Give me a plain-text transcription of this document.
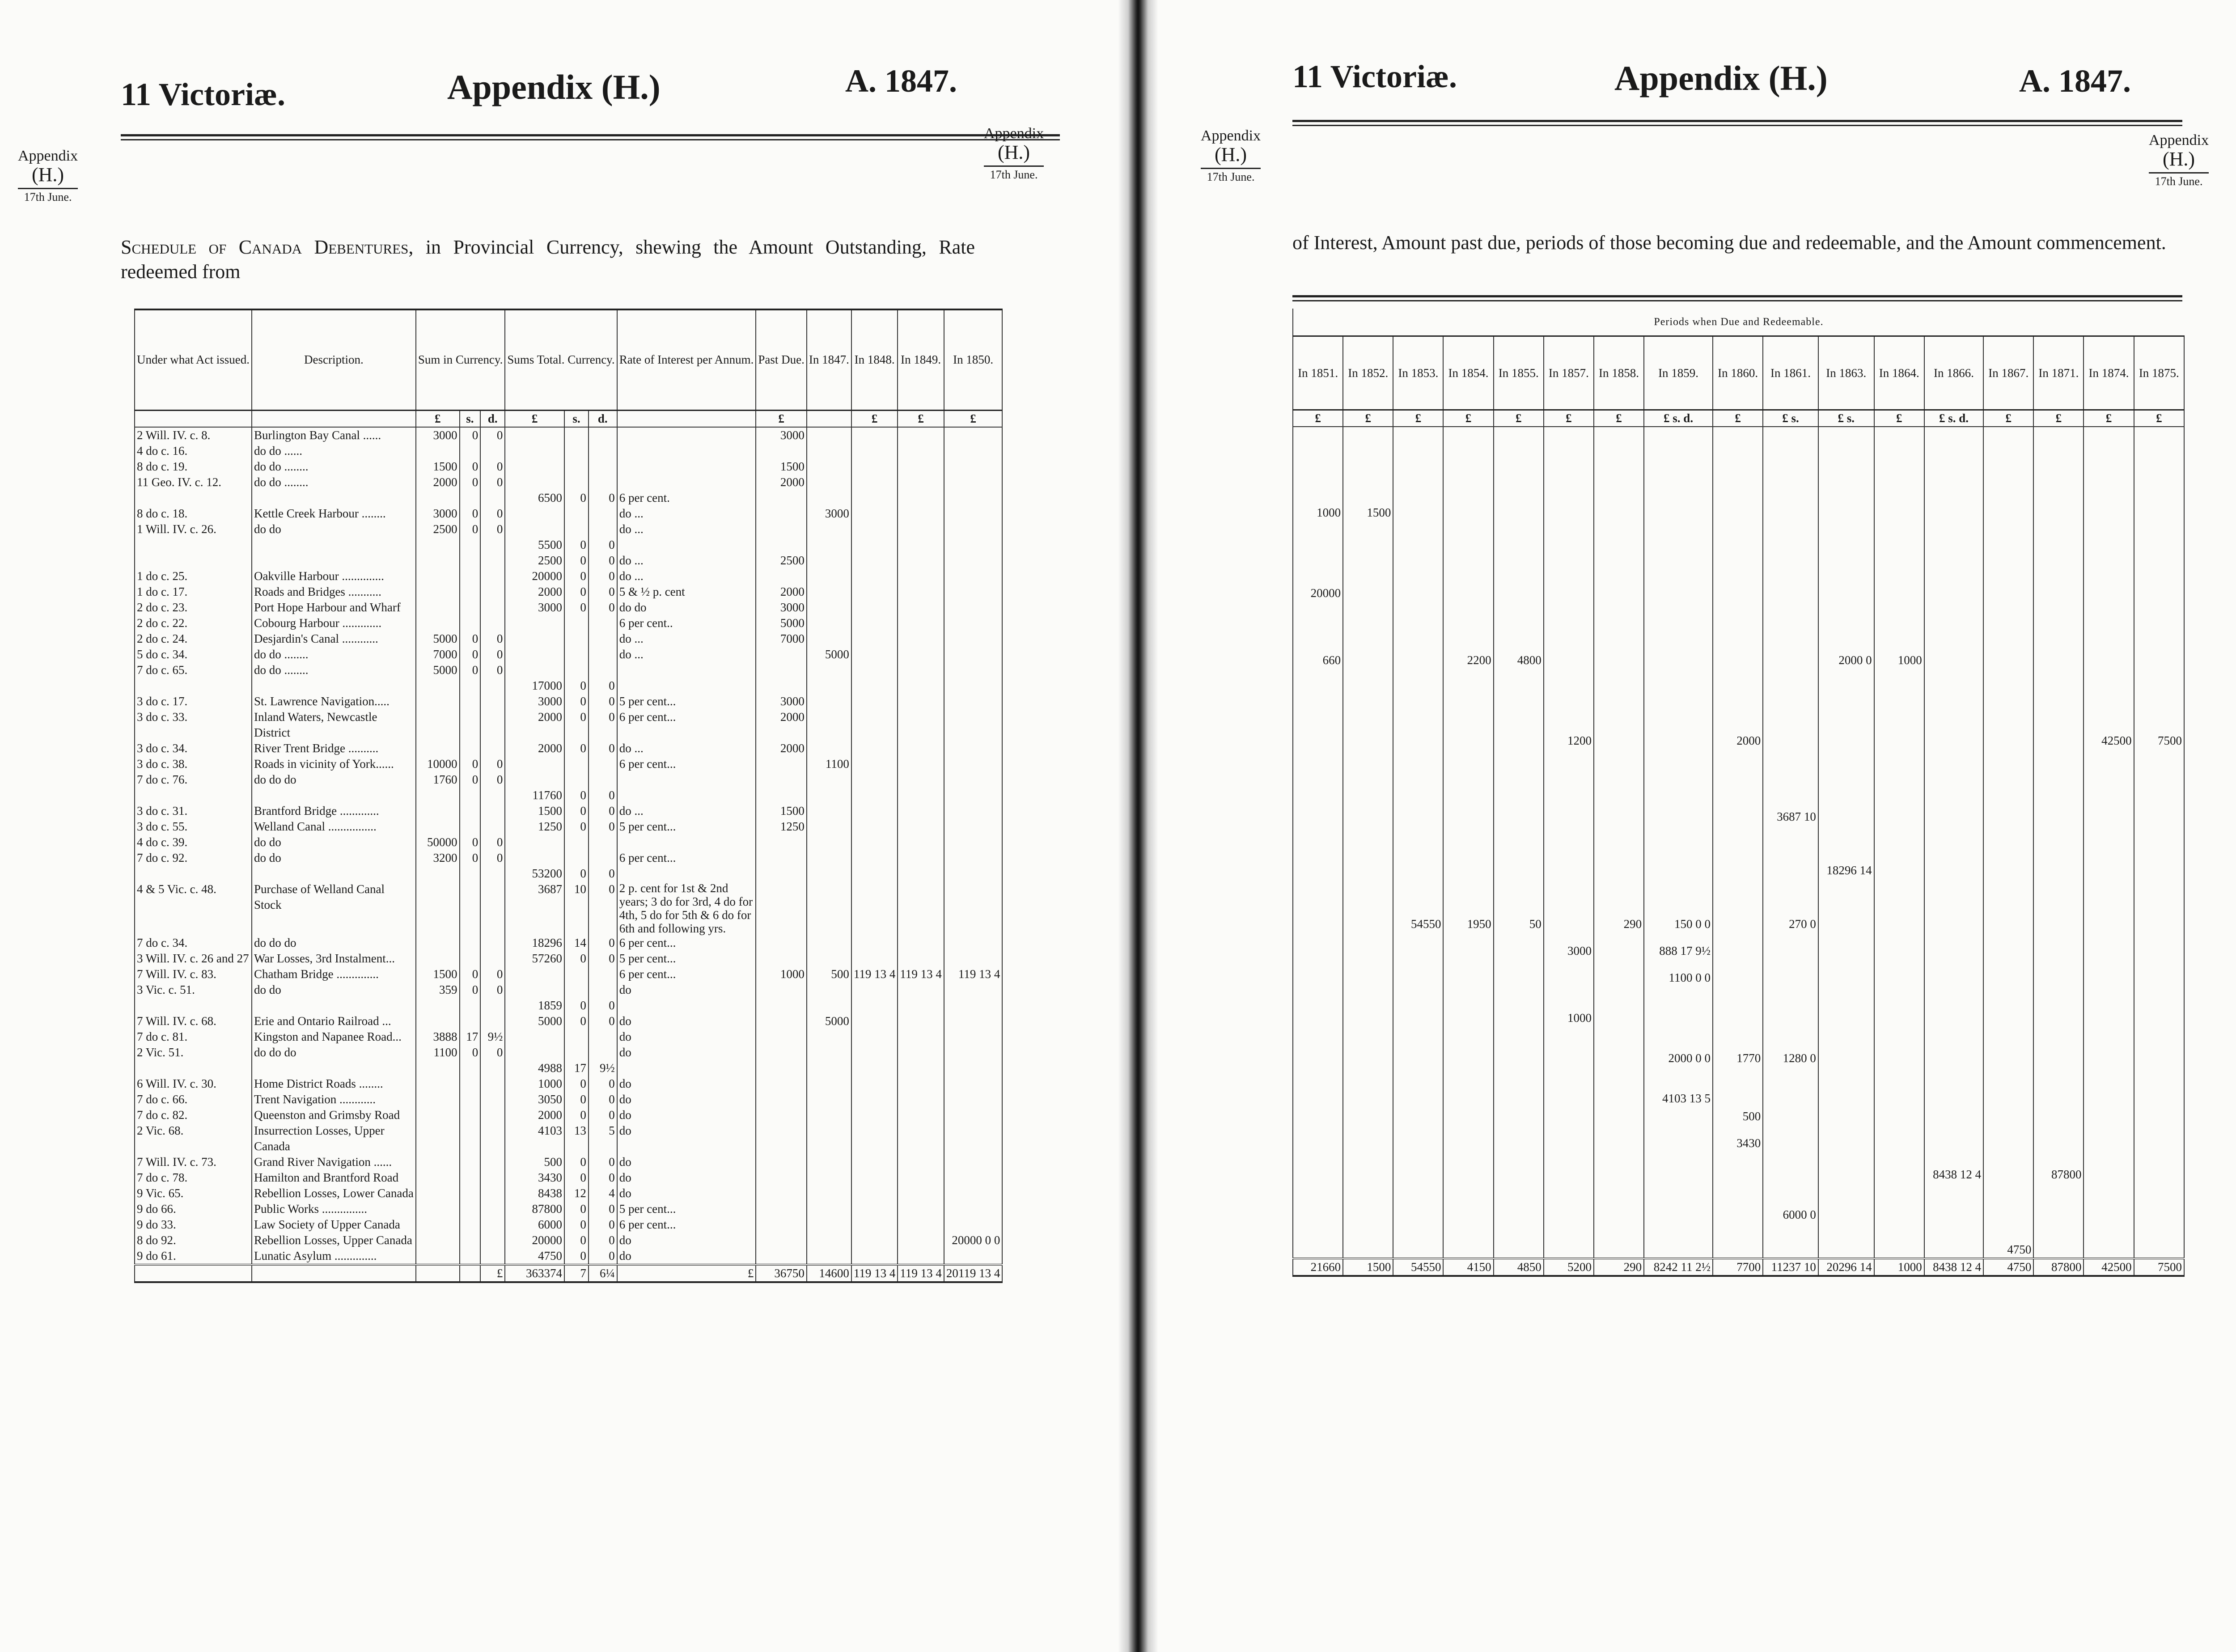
11 Victoriæ.	Appendix (H.)	A. 1847.
Appendix
(H.)
17th June.
Appendix
(H.)
17th June.
Schedule of Canada Debentures, in Provincial Currency, shewing the Amount Outstanding, Rate redeemed from
Under what Act issued.	Description.	Sum in Currency.			Sums Total. Currency.			Rate of Interest per Annum.	Past Due.	In 1847.	In 1848.	In 1849.	In 1850.
		£	s.	d.	£	s.	d.		£		£	£	£
2 Will. IV. c. 8.	Burlington Bay Canal ......	3000	0	0					3000				
4 do c. 16.	do do ......												
8 do c. 19.	do do ........	1500	0	0					1500				
11 Geo. IV. c. 12.	do do ........	2000	0	0					2000				
					6500	0	0	6 per cent.					
8 do c. 18.	Kettle Creek Harbour ........	3000	0	0				do ...		3000			
1 Will. IV. c. 26.	do do	2500	0	0				do ...					
					5500	0	0						
					2500	0	0	do ...	2500				
1 do c. 25.	Oakville Harbour ..............				20000	0	0	do ...					
1 do c. 17.	Roads and Bridges ...........				2000	0	0	5 & ½ p. cent	2000				
2 do c. 23.	Port Hope Harbour and Wharf				3000	0	0	do do	3000				
2 do c. 22.	Cobourg Harbour .............							6 per cent..	5000				
2 do c. 24.	Desjardin's Canal ............	5000	0	0				do ...	7000				
5 do c. 34.	do do ........	7000	0	0				do ...		5000			
7 do c. 65.	do do ........	5000	0	0									
					17000	0	0						
3 do c. 17.	St. Lawrence Navigation.....				3000	0	0	5 per cent...	3000				
3 do c. 33.	Inland Waters, Newcastle District				2000	0	0	6 per cent...	2000				
3 do c. 34.	River Trent Bridge ..........				2000	0	0	do ...	2000				
3 do c. 38.	Roads in vicinity of York......	10000	0	0				6 per cent...		1100			
7 do c. 76.	do do do	1760	0	0									
					11760	0	0						
3 do c. 31.	Brantford Bridge .............				1500	0	0	do ...	1500				
3 do c. 55.	Welland Canal ................				1250	0	0	5 per cent...	1250				
4 do c. 39.	do do	50000	0	0									
7 do c. 92.	do do	3200	0	0				6 per cent...					
					53200	0	0						
4 & 5 Vic. c. 48.	Purchase of Welland Canal Stock				3687	10	0	2 p. cent for 1st & 2nd years; 3 do for 3rd, 4 do for 4th, 5 do for 5th & 6 do for 6th and following yrs.					
7 do c. 34.	do do do				18296	14	0	6 per cent...					
3 Will. IV. c. 26 and 27	War Losses, 3rd Instalment...				57260	0	0	5 per cent...					
7 Will. IV. c. 83.	Chatham Bridge ..............	1500	0	0				6 per cent...	1000	500	119 13 4	119 13 4	119 13 4
3 Vic. c. 51.	do do	359	0	0				do					
					1859	0	0						
7 Will. IV. c. 68.	Erie and Ontario Railroad ...				5000	0	0	do		5000			
7 do c. 81.	Kingston and Napanee Road...	3888	17	9½				do					
2 Vic. 51.	do do do	1100	0	0				do					
					4988	17	9½						
6 Will. IV. c. 30.	Home District Roads ........				1000	0	0	do					
7 do c. 66.	Trent Navigation ............				3050	0	0	do					
7 do c. 82.	Queenston and Grimsby Road				2000	0	0	do					
2 Vic. 68.	Insurrection Losses, Upper Canada				4103	13	5	do					
7 Will. IV. c. 73.	Grand River Navigation ......				500	0	0	do					
7 do c. 78.	Hamilton and Brantford Road				3430	0	0	do					
9 Vic. 65.	Rebellion Losses, Lower Canada				8438	12	4	do					
9 do 66.	Public Works ...............				87800	0	0	5 per cent...					
9 do 33.	Law Society of Upper Canada				6000	0	0	6 per cent...					
8 do 92.	Rebellion Losses, Upper Canada				20000	0	0	do					20000 0 0
9 do 61.	Lunatic Asylum ..............				4750	0	0	do					
				£	363374	7	6¼	£	36750	14600	119 13 4	119 13 4	20119 13 4
11 Victoriæ.	Appendix (H.)	A. 1847.
Appendix
(H.)
17th June.
Appendix
(H.)
17th June.
of Interest, Amount past due, periods of those becoming due and redeemable, and the Amount commencement.
Periods when Due and Redeemable.																
In 1851.	In 1852.	In 1853.	In 1854.	In 1855.	In 1857.	In 1858.	In 1859.	In 1860.	In 1861.	In 1863.	In 1864.	In 1866.	In 1867.	In 1871.	In 1874.	In 1875.
£	£	£	£	£	£	£	£ s. d.	£	£ s.	£ s.	£	£ s. d.	£	£	£	£

1000	1500															
20000																
660			2200	4800						2000 0	1000					
					1200			2000							42500	7500
									3687 10							
										18296 14						
		54550	1950	50		290	150 0 0		270 0							
					3000		888 17 9½									
							1100 0 0									
					1000											
							2000 0 0	1770	1280 0							
							4103 13 5									
								500								
								3430								
												8438 12 4		87800		
									6000 0							
													4750			
21660	1500	54550	4150	4850	5200	290	8242 11 2½	7700	11237 10	20296 14	1000	8438 12 4	4750	87800	42500	7500
